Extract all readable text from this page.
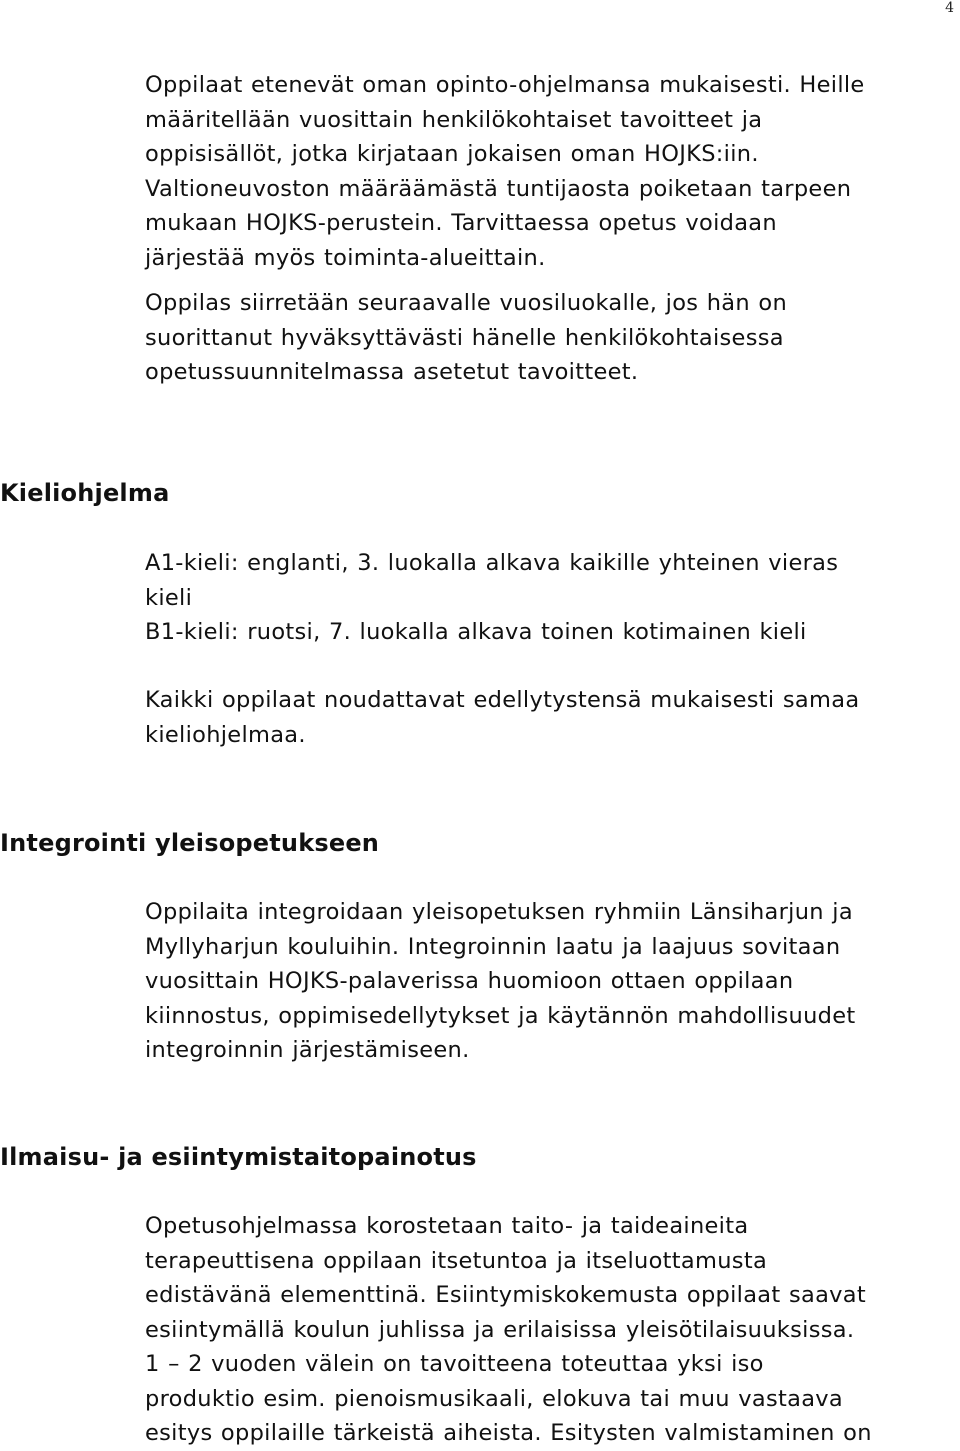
4
Oppilaat etenevät oman opinto-ohjelmansa mukaisesti. Heille
määritellään vuosittain henkilökohtaiset tavoitteet ja
oppisisällöt, jotka kirjataan jokaisen oman HOJKS:iin.
Valtioneuvoston määräämästä tuntijaosta poiketaan tarpeen
mukaan HOJKS-perustein. Tarvittaessa opetus voidaan
järjestää myös toiminta-alueittain.
Oppilas siirretään seuraavalle vuosiluokalle, jos hän on
suorittanut hyväksyttävästi hänelle henkilökohtaisessa
opetussuunnitelmassa asetetut tavoitteet.
Kieliohjelma
A1-kieli: englanti, 3. luokalla alkava kaikille yhteinen vieras
kieli
B1-kieli: ruotsi, 7. luokalla alkava toinen kotimainen kieli
Kaikki oppilaat noudattavat edellytystensä mukaisesti samaa
kieliohjelmaa.
Integrointi yleisopetukseen
Oppilaita integroidaan yleisopetuksen ryhmiin Länsiharjun ja
Myllyharjun kouluihin. Integroinnin laatu ja laajuus sovitaan
vuosittain HOJKS-palaverissa huomioon ottaen oppilaan
kiinnostus, oppimisedellytykset ja käytännön mahdollisuudet
integroinnin järjestämiseen.
Ilmaisu- ja esiintymistaitopainotus
Opetusohjelmassa korostetaan taito- ja taideaineita
terapeuttisena oppilaan itsetuntoa ja itseluottamusta
edistävänä elementtinä. Esiintymiskokemusta oppilaat saavat
esiintymällä koulun juhlissa ja erilaisissa yleisötilaisuuksissa.
1 – 2 vuoden välein on tavoitteena toteuttaa yksi iso
produktio esim. pienoismusikaali, elokuva tai muu vastaava
esitys oppilaille tärkeistä aiheista. Esitysten valmistaminen on
